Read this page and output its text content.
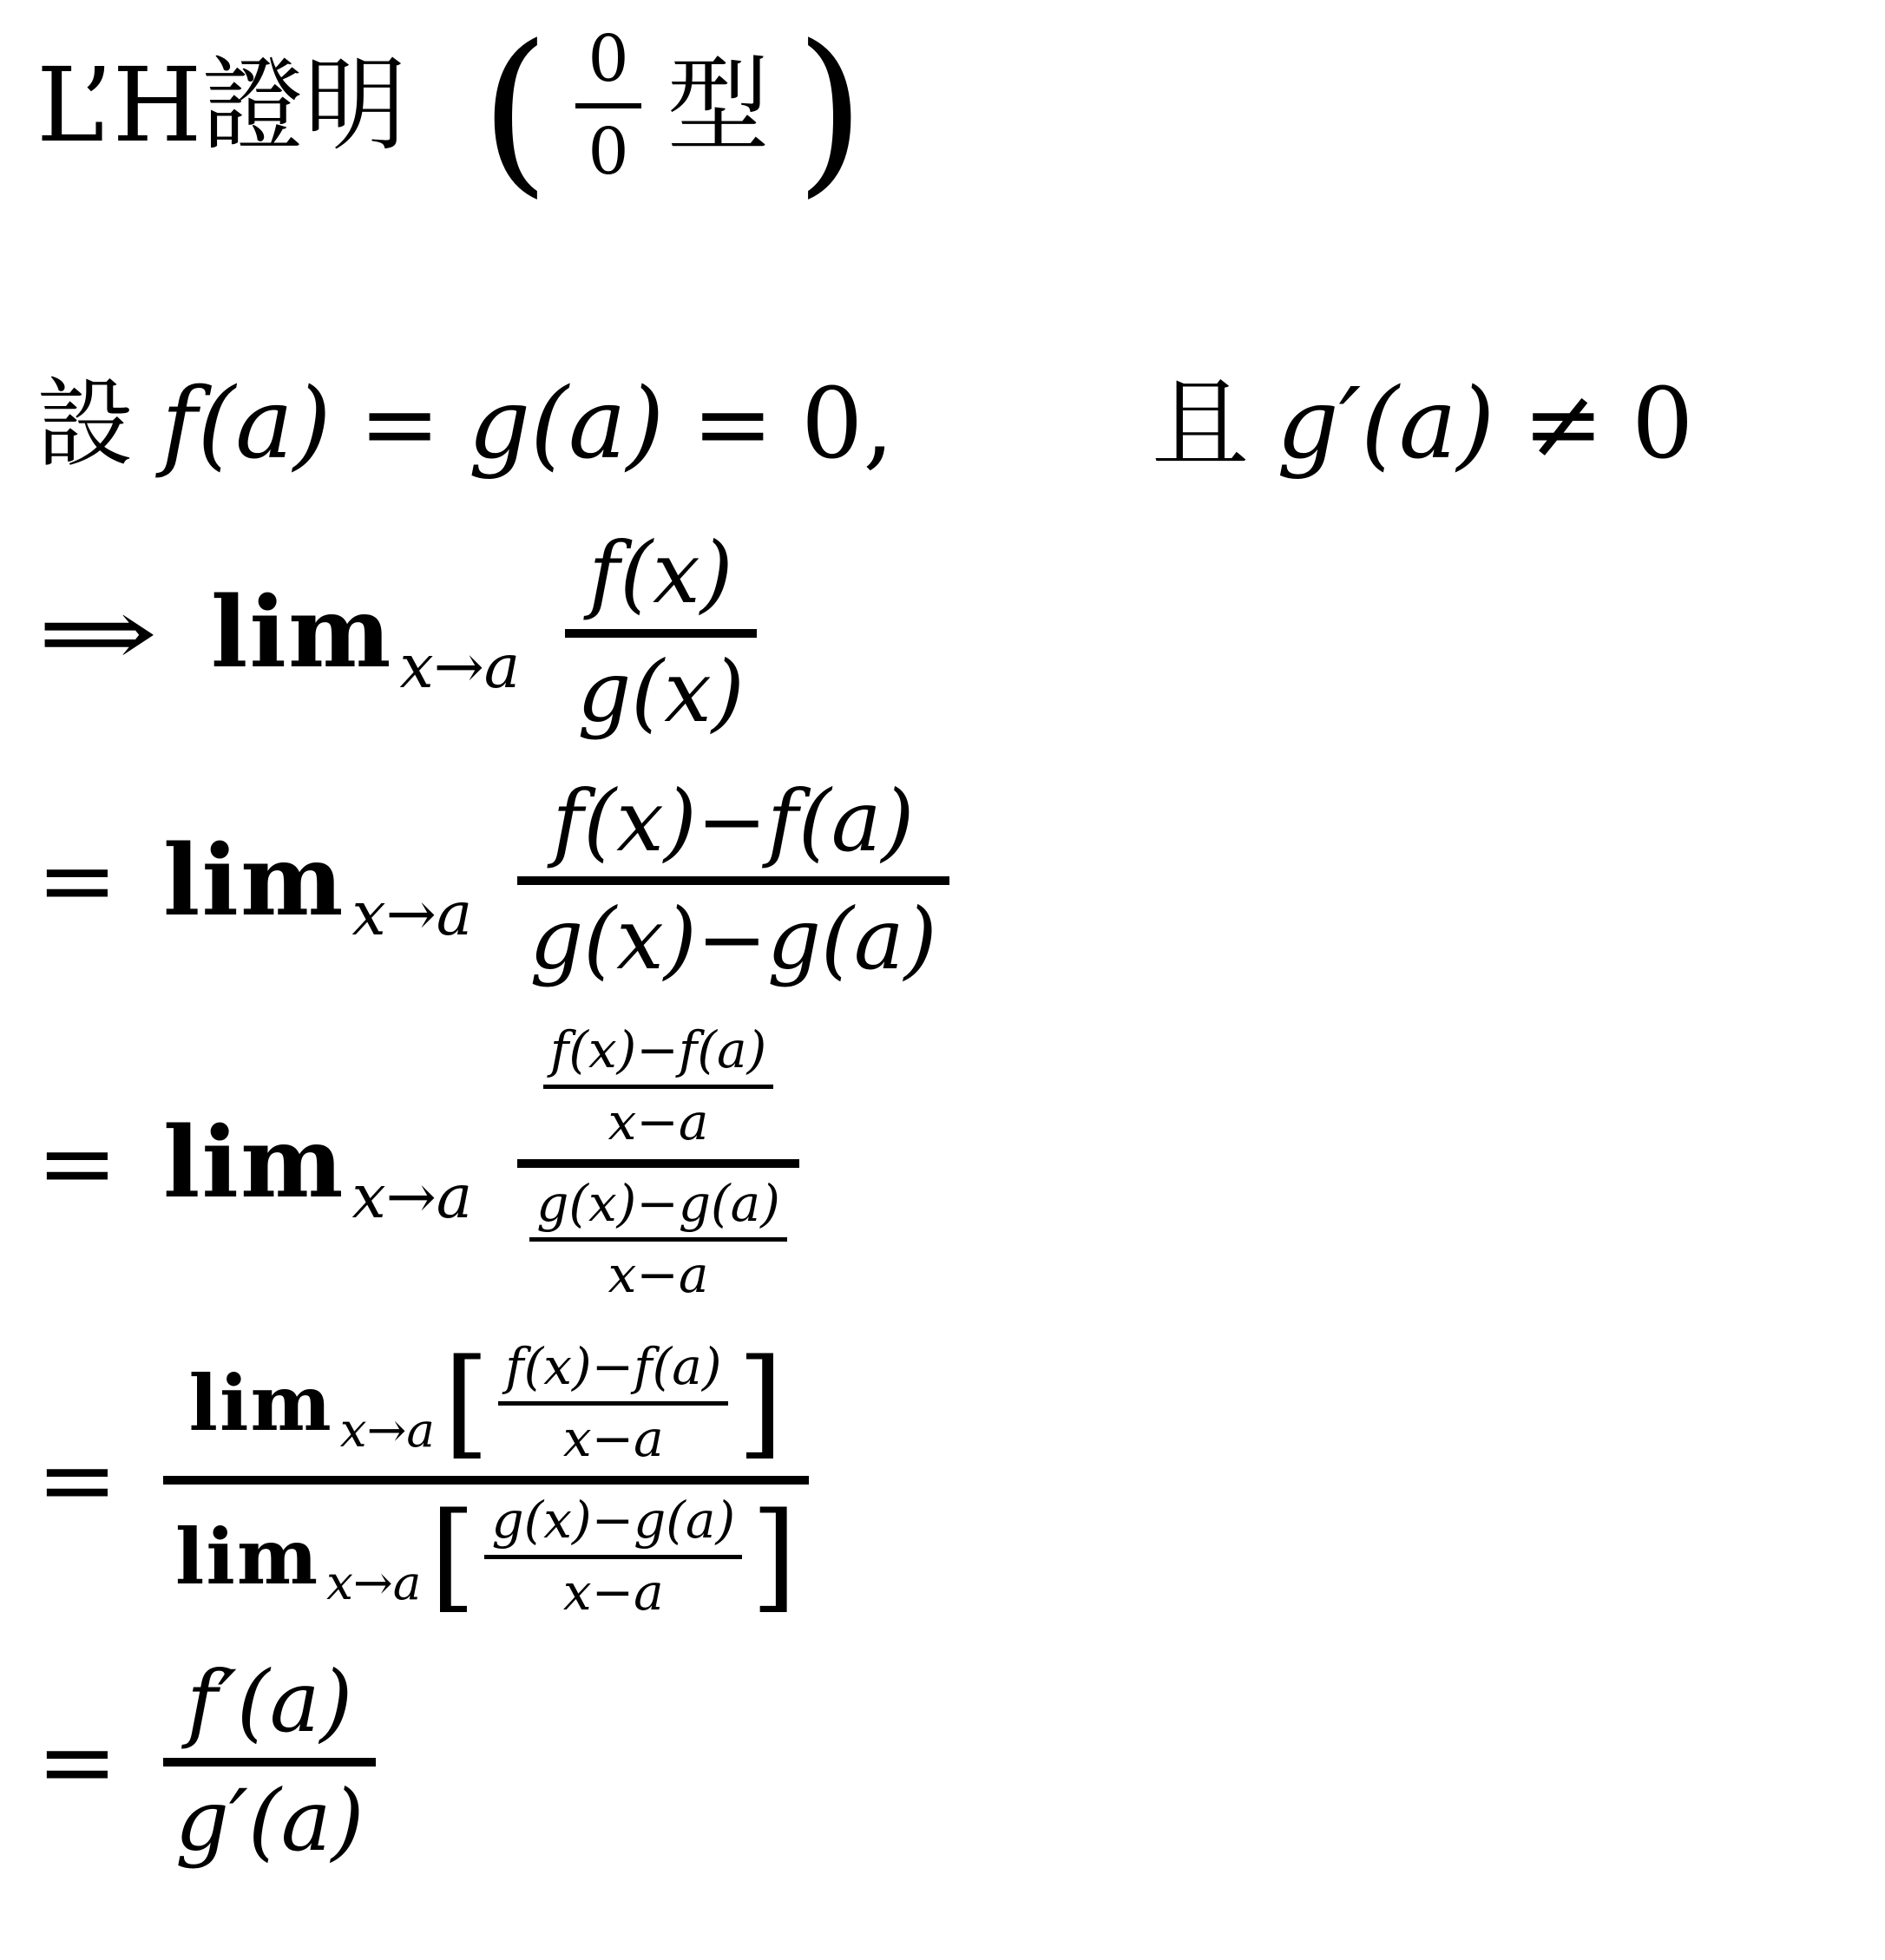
L’H證明 ( $\frac{0}{0}$ 型 )
設 f(a) = g(a) = 0,	且 g′(a) ≠ 0
⇒ $\lim x\to a \frac{f(x)}{g(x)}$
= $\lim x\to a \frac{f(x)-f(a)}{g(x)-g(a)}$
= $\lim x\to a \frac{\frac{f(x)-f(a)}{x-a}}{\frac{g(x)-g(a)}{x-a}}$
=
lim x→a [ $\frac{f(x)-f(a)}{x-a}$ ]
lim x→a [ $\frac{g(x)-g(a)}{x-a}$ ]
= $\frac{f'(a)}{g'(a)}$
